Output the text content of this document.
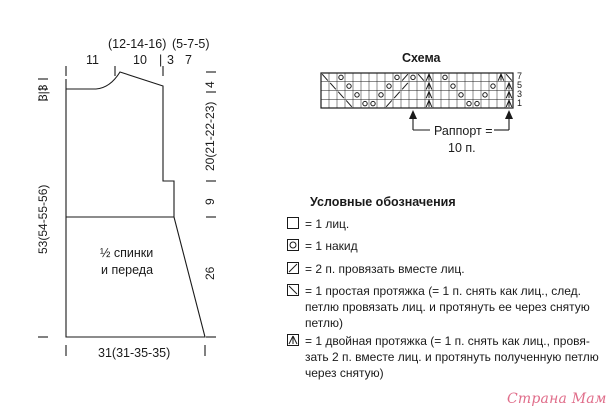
11
(12-14-16)
10
(5-7-5)
| 3 7
3|3
53(54-55-56)
4
20(21-22-23)
9
26
½ спинки
и переда
31(31-35-35)
Схема
7
5
3
1
Раппорт =
10 п.
Условные обозначения
= 1 лиц.
= 1 накид
= 2 п. провязать вместе лиц.
= 1 простая протяжка (= 1 п. снять как лиц., след.
петлю провязать лиц. и протянуть ее через снятую
петлю)
= 1 двойная протяжка (= 1 п. снять как лиц., провя-
зать 2 п. вместе лиц. и протянуть полученную петлю
через снятую)
Страна Мам
